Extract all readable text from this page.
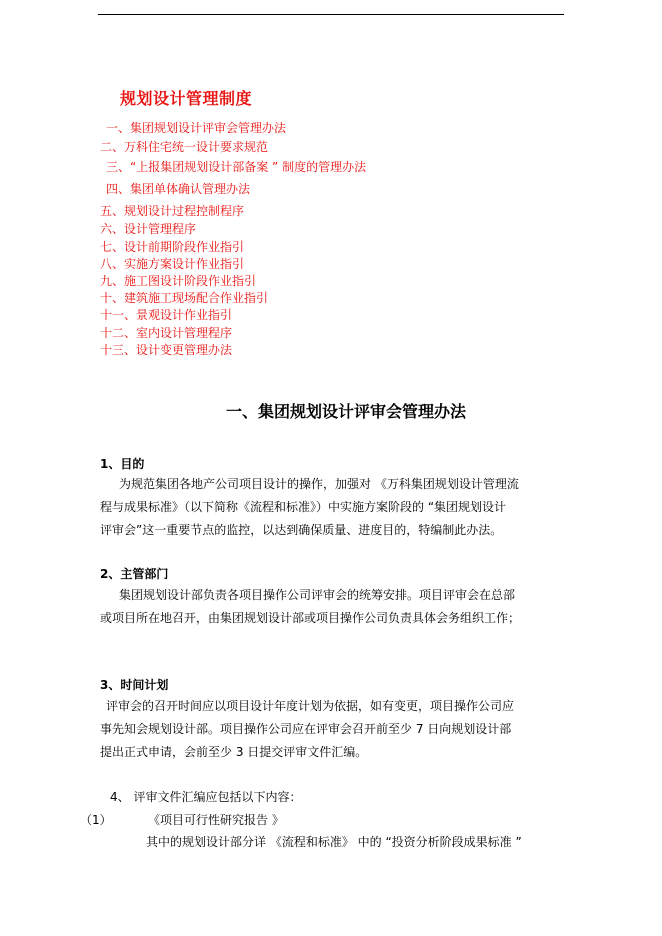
规划设计管理制度
一、集团规划设计评审会管理办法
二、万科住宅统一设计要求规范
三、“上报集团规划设计部备案 ” 制度的管理办法
四、集团单体确认管理办法
五、规划设计过程控制程序
六、设计管理程序
七、设计前期阶段作业指引
八、实施方案设计作业指引
九、施工图设计阶段作业指引
十、建筑施工现场配合作业指引
十一、景观设计作业指引
十二、室内设计管理程序
十三、设计变更管理办法
一、集团规划设计评审会管理办法
1、目的
为规范集团各地产公司项目设计的操作，加强对 《万科集团规划设计管理流
程与成果标准》（以下简称《流程和标准》）中实施方案阶段的 “集团规划设计
评审会”这一重要节点的监控，以达到确保质量、进度目的，特编制此办法。
2、主管部门
集团规划设计部负责各项目操作公司评审会的统筹安排。项目评审会在总部
或项目所在地召开，由集团规划设计部或项目操作公司负责具体会务组织工作；
3、时间计划
评审会的召开时间应以项目设计年度计划为依据，如有变更，项目操作公司应
事先知会规划设计部。项目操作公司应在评审会召开前至少 7 日向规划设计部
提出正式申请，会前至少 3 日提交评审文件汇编。
4、 评审文件汇编应包括以下内容：
（1）	《项目可行性研究报告 》
其中的规划设计部分详 《流程和标准》 中的 “投资分析阶段成果标准 ”
